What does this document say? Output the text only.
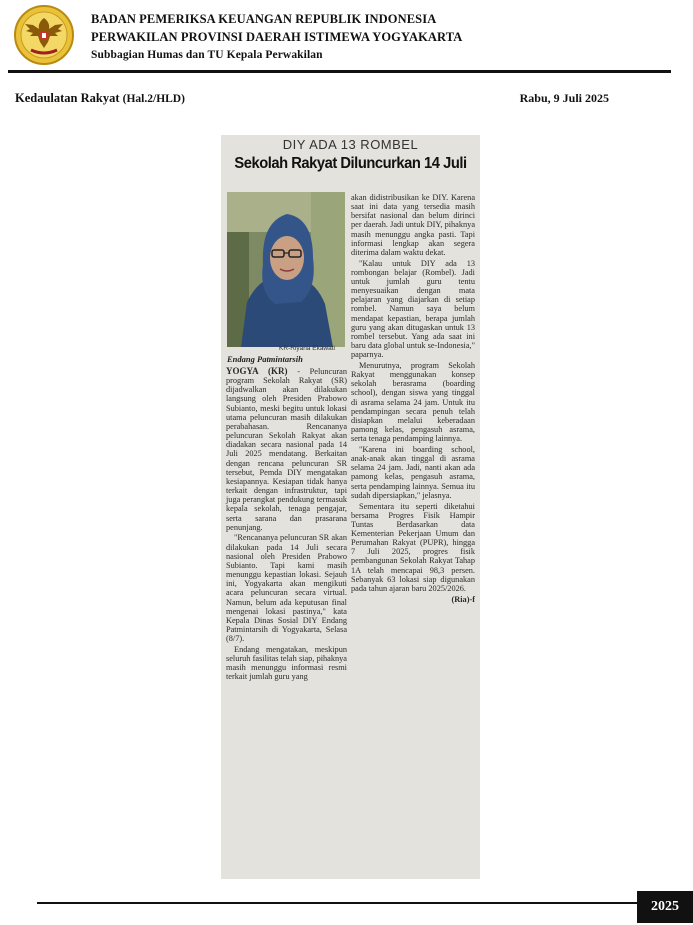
BADAN PEMERIKSA KEUANGAN REPUBLIK INDONESIA
PERWAKILAN PROVINSI DAERAH ISTIMEWA YOGYAKARTA
Subbagian Humas dan TU Kepala Perwakilan
Kedaulatan Rakyat (Hal.2/HLD)	Rabu, 9 Juli 2025
DIY ADA 13 ROMBEL
Sekolah Rakyat Diluncurkan 14 Juli
KR-Riyana Ekawati
Endang Patmintarsih

YOGYA (KR) - Peluncuran program Sekolah Rakyat (SR) dijadwalkan akan dilakukan langsung oleh Presiden Prabowo Subianto, meski begitu untuk lokasi utama peluncuran masih dilakukan perabahasan. Rencananya peluncuran Sekolah Rakyat akan diadakan secara nasional pada 14 Juli 2025 mendatang. Berkaitan dengan rencana peluncuran SR tersebut, Pemda DIY mengatakan kesiapannya. Kesiapan tidak hanya terkait dengan infrastruktur, tapi juga perangkat pendukung termasuk kepala sekolah, tenaga pengajar, serta sarana dan prasarana penunjang.

"Rencananya peluncuran SR akan dilakukan pada 14 Juli secara nasional oleh Presiden Prabowo Subianto. Tapi kami masih menunggu kepastian lokasi. Sejauh ini, Yogyakarta akan mengikuti acara peluncuran secara virtual. Namun, belum ada keputusan final mengenai lokasi pastinya," kata Kepala Dinas Sosial DIY Endang Patmintarsih di Yogyakarta, Selasa (8/7).

Endang mengatakan, meskipun seluruh fasilitas telah siap, pihaknya masih menunggu informasi resmi terkait jumlah guru yang

akan didistribusikan ke DIY. Karena saat ini data yang tersedia masih bersifat nasional dan belum dirinci per daerah. Jadi untuk DIY, pihaknya masih menunggu angka pasti. Tapi informasi lengkap akan segera diterima dalam waktu dekat.

"Kalau untuk DIY ada 13 rombongan belajar (Rombel). Jadi untuk jumlah guru tentu menyesuaikan dengan mata pelajaran yang diajarkan di setiap rombel. Namun saya belum mendapat kepastian, berapa jumlah guru yang akan ditugaskan untuk 13 rombel tersebut. Yang ada saat ini baru data global untuk se-Indonesia," paparnya.

Menurutnya, program Sekolah Rakyat menggunakan konsep sekolah berasrama (boarding school), dengan siswa yang tinggal di asrama selama 24 jam. Untuk itu pendampingan secara penuh telah disiapkan melalui keberadaan pamong kelas, pengasuh asrama, serta tenaga pendamping lainnya.

"Karena ini boarding school, anak-anak akan tinggal di asrama selama 24 jam. Jadi, nanti akan ada pamong kelas, pengasuh asrama, serta pendamping lainnya. Semua itu sudah dipersiapkan," jelasnya.

Sementara itu seperti diketahui bersama Progres Fisik Hampir Tuntas Berdasarkan data Kementerian Pekerjaan Umum dan Perumahan Rakyat (PUPR), hingga 7 Juli 2025, progres fisik pembangunan Sekolah Rakyat Tahap 1A telah mencapai 98,3 persen. Sebanyak 63 lokasi siap digunakan pada tahun ajaran baru 2025/2026.

(Ria)-f
2025
